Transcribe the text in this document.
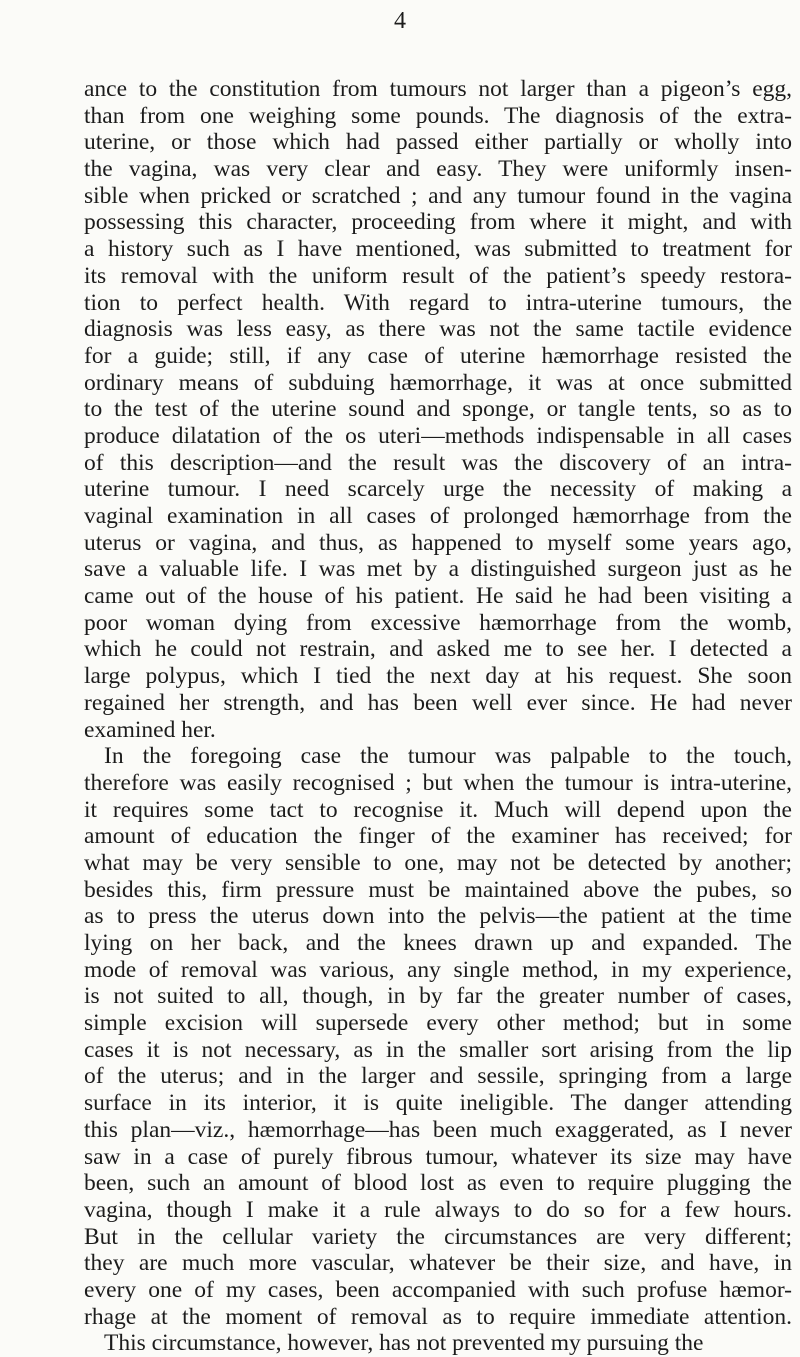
4
ance to the constitution from tumours not larger than a pigeon’s egg,
than from one weighing some pounds. The diagnosis of the extra-
uterine, or those which had passed either partially or wholly into
the vagina, was very clear and easy. They were uniformly insen-
sible when pricked or scratched ; and any tumour found in the vagina
possessing this character, proceeding from where it might, and with
a history such as I have mentioned, was submitted to treatment for
its removal with the uniform result of the patient’s speedy restora-
tion to perfect health. With regard to intra-uterine tumours, the
diagnosis was less easy, as there was not the same tactile evidence
for a guide; still, if any case of uterine hæmorrhage resisted the
ordinary means of subduing hæmorrhage, it was at once submitted
to the test of the uterine sound and sponge, or tangle tents, so as to
produce dilatation of the os uteri—methods indispensable in all cases
of this description—and the result was the discovery of an intra-
uterine tumour. I need scarcely urge the necessity of making a
vaginal examination in all cases of prolonged hæmorrhage from the
uterus or vagina, and thus, as happened to myself some years ago,
save a valuable life. I was met by a distinguished surgeon just as he
came out of the house of his patient. He said he had been visiting a
poor woman dying from excessive hæmorrhage from the womb,
which he could not restrain, and asked me to see her. I detected a
large polypus, which I tied the next day at his request. She soon
regained her strength, and has been well ever since. He had never
examined her.
In the foregoing case the tumour was palpable to the touch,
therefore was easily recognised ; but when the tumour is intra-uterine,
it requires some tact to recognise it. Much will depend upon the
amount of education the finger of the examiner has received; for
what may be very sensible to one, may not be detected by another;
besides this, firm pressure must be maintained above the pubes, so
as to press the uterus down into the pelvis—the patient at the time
lying on her back, and the knees drawn up and expanded. The
mode of removal was various, any single method, in my experience,
is not suited to all, though, in by far the greater number of cases,
simple excision will supersede every other method; but in some
cases it is not necessary, as in the smaller sort arising from the lip
of the uterus; and in the larger and sessile, springing from a large
surface in its interior, it is quite ineligible. The danger attending
this plan—viz., hæmorrhage—has been much exaggerated, as I never
saw in a case of purely fibrous tumour, whatever its size may have
been, such an amount of blood lost as even to require plugging the
vagina, though I make it a rule always to do so for a few hours.
But in the cellular variety the circumstances are very different;
they are much more vascular, whatever be their size, and have, in
every one of my cases, been accompanied with such profuse hæmor-
rhage at the moment of removal as to require immediate attention.
This circumstance, however, has not prevented my pursuing the
